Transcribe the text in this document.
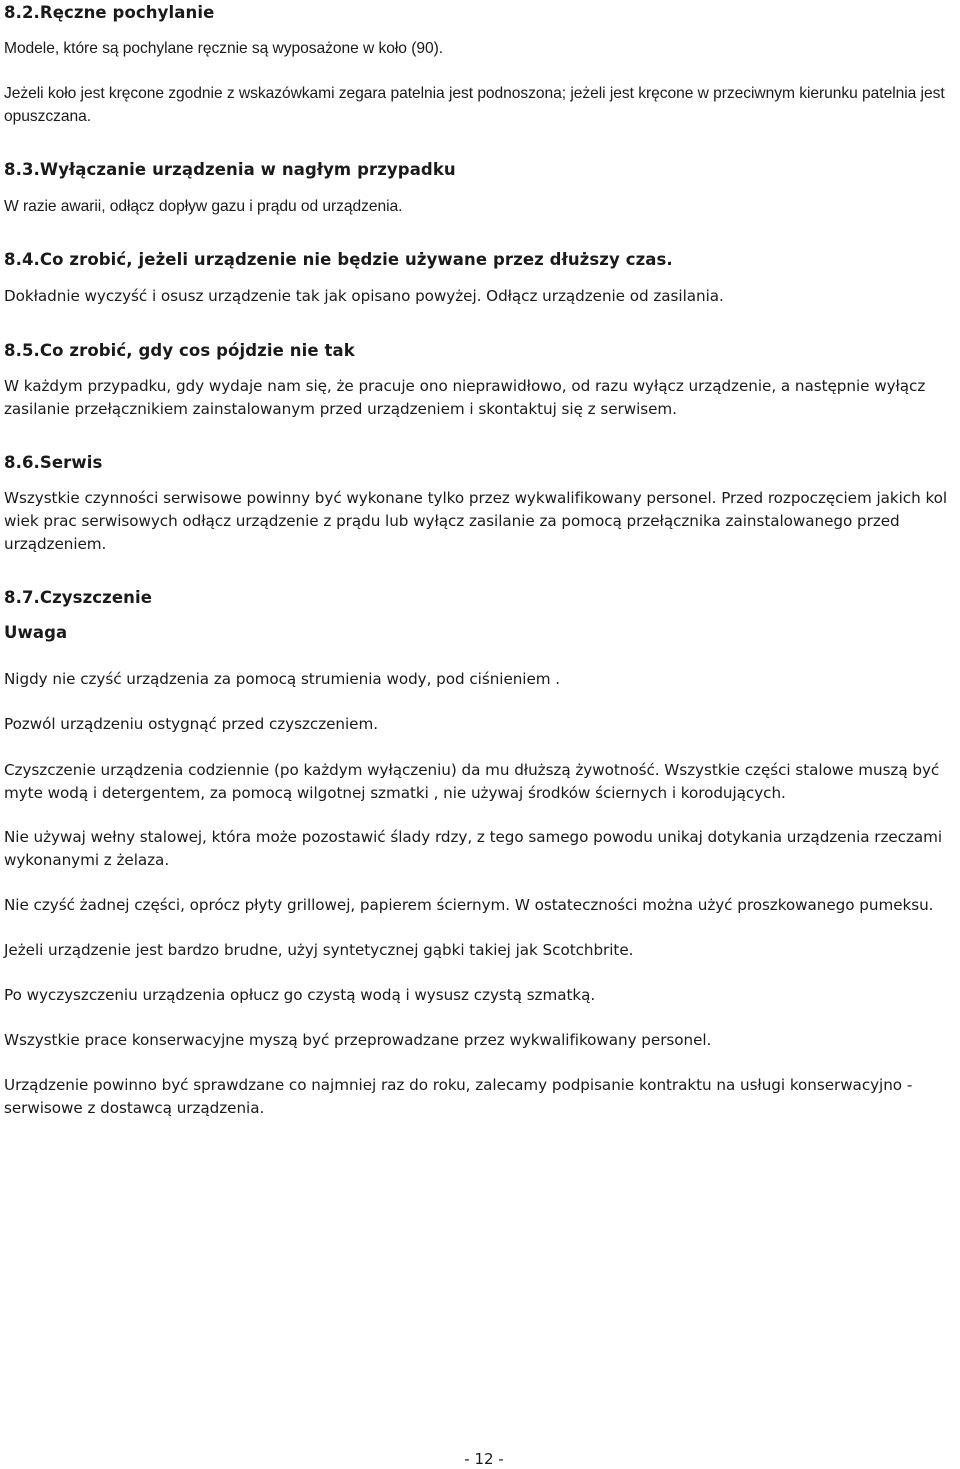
8.2.Ręczne pochylanie
Modele, które są pochylane ręcznie są wyposażone w koło (90).
Jeżeli koło jest kręcone zgodnie z wskazówkami zegara patelnia jest podnoszona; jeżeli jest kręcone w przeciwnym kierunku patelnia jest opuszczana.
8.3.Wyłączanie urządzenia w nagłym przypadku
W razie awarii, odłącz dopływ gazu i prądu od urządzenia.
8.4.Co zrobić, jeżeli urządzenie nie będzie używane przez dłuższy czas.
Dokładnie wyczyść i osusz urządzenie tak jak opisano powyżej. Odłącz urządzenie od zasilania.
8.5.Co zrobić, gdy cos pójdzie nie tak
W każdym przypadku, gdy wydaje nam się, że pracuje ono nieprawidłowo, od razu wyłącz urządzenie, a następnie wyłącz zasilanie przełącznikiem zainstalowanym przed urządzeniem i skontaktuj się z serwisem.
8.6.Serwis
Wszystkie czynności serwisowe powinny być wykonane tylko przez wykwalifikowany personel. Przed rozpoczęciem jakich kol wiek prac serwisowych odłącz urządzenie z prądu lub wyłącz zasilanie za pomocą przełącznika zainstalowanego przed urządzeniem.
8.7.Czyszczenie
Uwaga
Nigdy nie czyść urządzenia za pomocą strumienia wody, pod ciśnieniem .
Pozwól urządzeniu ostygnąć przed czyszczeniem.
Czyszczenie urządzenia codziennie (po każdym wyłączeniu) da mu dłuższą żywotność. Wszystkie części stalowe muszą być myte wodą i detergentem, za pomocą wilgotnej szmatki , nie używaj środków ściernych i korodujących.
Nie używaj wełny stalowej, która może pozostawić ślady rdzy, z tego samego powodu unikaj dotykania urządzenia rzeczami wykonanymi z żelaza.
Nie czyść żadnej części, oprócz płyty grillowej, papierem ściernym. W ostateczności można użyć proszkowanego pumeksu.
Jeżeli urządzenie jest bardzo brudne, użyj syntetycznej gąbki takiej jak Scotchbrite.
Po wyczyszczeniu urządzenia opłucz go czystą wodą i wysusz czystą szmatką.
Wszystkie prace konserwacyjne myszą być przeprowadzane przez wykwalifikowany personel.
Urządzenie powinno być sprawdzane co najmniej raz do roku, zalecamy podpisanie kontraktu na usługi konserwacyjno - serwisowe z dostawcą urządzenia.
- 12 -
